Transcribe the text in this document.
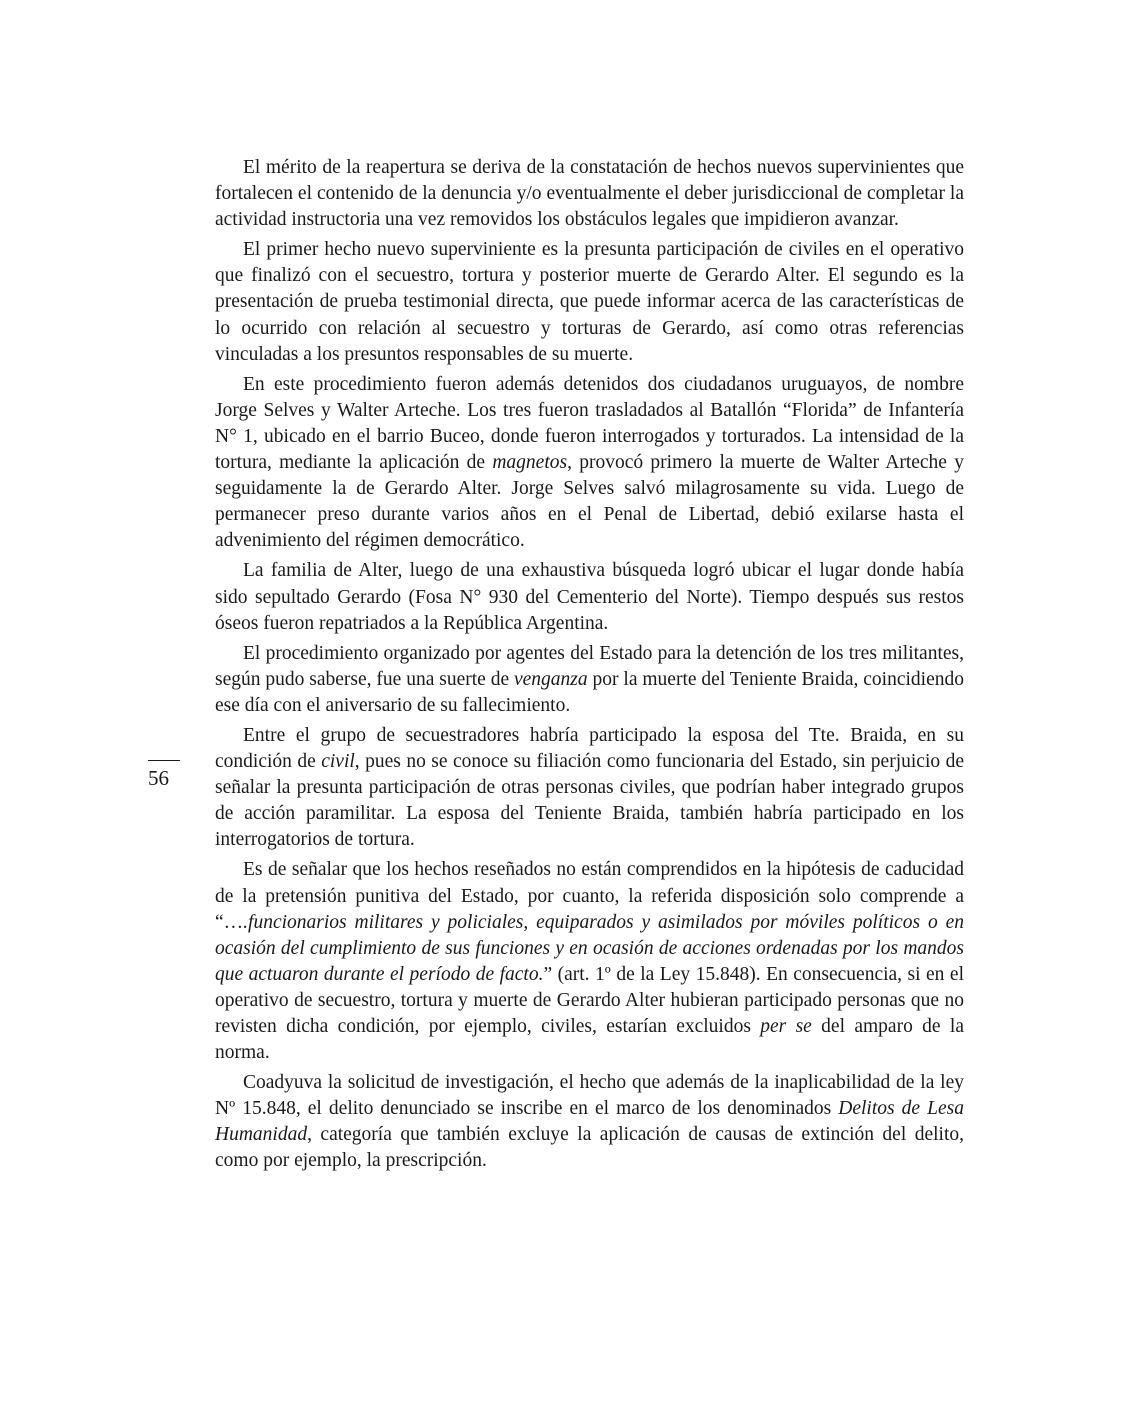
El mérito de la reapertura se deriva de la constatación de hechos nuevos supervinientes que fortalecen el contenido de la denuncia y/o eventualmente el deber jurisdiccional de completar la actividad instructoria una vez removidos los obstáculos legales que impidieron avanzar.

El primer hecho nuevo superviniente es la presunta participación de civiles en el operativo que finalizó con el secuestro, tortura y posterior muerte de Gerardo Alter. El segundo es la presentación de prueba testimonial directa, que puede informar acerca de las características de lo ocurrido con relación al secuestro y torturas de Gerardo, así como otras referencias vinculadas a los presuntos responsables de su muerte.

En este procedimiento fueron además detenidos dos ciudadanos uruguayos, de nombre Jorge Selves y Walter Arteche. Los tres fueron trasladados al Batallón “Florida” de Infantería N° 1, ubicado en el barrio Buceo, donde fueron interrogados y torturados. La intensidad de la tortura, mediante la aplicación de magnetos, provocó primero la muerte de Walter Arteche y seguidamente la de Gerardo Alter. Jorge Selves salvó milagrosamente su vida. Luego de permanecer preso durante varios años en el Penal de Libertad, debió exilarse hasta el advenimiento del régimen democrático.

La familia de Alter, luego de una exhaustiva búsqueda logró ubicar el lugar donde había sido sepultado Gerardo (Fosa N° 930 del Cementerio del Norte). Tiempo después sus restos óseos fueron repatriados a la República Argentina.

El procedimiento organizado por agentes del Estado para la detención de los tres militantes, según pudo saberse, fue una suerte de venganza por la muerte del Teniente Braida, coincidiendo ese día con el aniversario de su fallecimiento.

Entre el grupo de secuestradores habría participado la esposa del Tte. Braida, en su condición de civil, pues no se conoce su filiación como funcionaria del Estado, sin perjuicio de señalar la presunta participación de otras personas civiles, que podrían haber integrado grupos de acción paramilitar. La esposa del Teniente Braida, también habría participado en los interrogatorios de tortura.

Es de señalar que los hechos reseñados no están comprendidos en la hipótesis de caducidad de la pretensión punitiva del Estado, por cuanto, la referida disposición solo comprende a “….funcionarios militares y policiales, equiparados y asimilados por móviles políticos o en ocasión del cumplimiento de sus funciones y en ocasión de acciones ordenadas por los mandos que actuaron durante el período de facto.” (art. 1º de la Ley 15.848). En consecuencia, si en el operativo de secuestro, tortura y muerte de Gerardo Alter hubieran participado personas que no revisten dicha condición, por ejemplo, civiles, estarían excluidos per se del amparo de la norma.

Coadyuva la solicitud de investigación, el hecho que además de la inaplicabilidad de la ley Nº 15.848, el delito denunciado se inscribe en el marco de los denominados Delitos de Lesa Humanidad, categoría que también excluye la aplicación de causas de extinción del delito, como por ejemplo, la prescripción.

56
